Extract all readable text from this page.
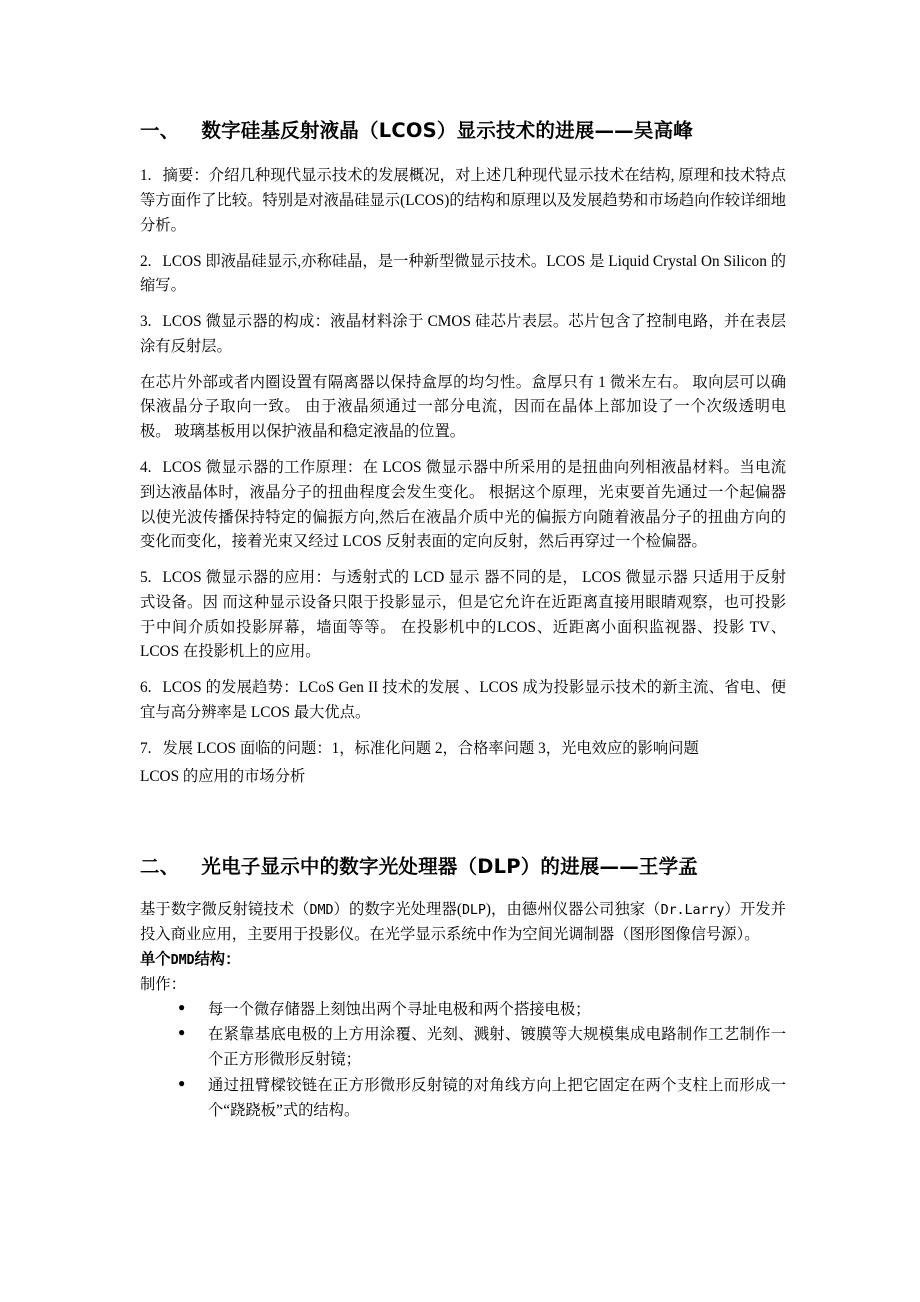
一、 数字硅基反射液晶（LCOS）显示技术的进展——吴高峰

1. 摘要：介绍几种现代显示技术的发展概况，对上述几种现代显示技术在结构, 原理和技术特点等方面作了比较。特别是对液晶硅显示(LCOS)的结构和原理以及发展趋势和市场趋向作较详细地分析。

2. LCOS 即液晶硅显示,亦称硅晶，是一种新型微显示技术。LCOS 是 Liquid Crystal On Silicon 的缩写。

3. LCOS 微显示器的构成：液晶材料涂于 CMOS 硅芯片表层。芯片包含了控制电路，并在表层涂有反射层。

在芯片外部或者内圈设置有隔离器以保持盒厚的均匀性。盒厚只有 1 微米左右。 取向层可以确保液晶分子取向一致。 由于液晶须通过一部分电流，因而在晶体上部加设了一个次级透明电极。 玻璃基板用以保护液晶和稳定液晶的位置。

4. LCOS 微显示器的工作原理：在 LCOS 微显示器中所采用的是扭曲向列相液晶材料。当电流到达液晶体时，液晶分子的扭曲程度会发生变化。 根据这个原理，光束要首先通过一个起偏器以使光波传播保持特定的偏振方向,然后在液晶介质中光的偏振方向随着液晶分子的扭曲方向的变化而变化，接着光束又经过 LCOS 反射表面的定向反射，然后再穿过一个检偏器。

5. LCOS 微显示器的应用：与透射式的 LCD 显示 器不同的是， LCOS 微显示器 只适用于反射式设备。因 而这种显示设备只限于投影显示，但是它允许在近距离直接用眼睛观察，也可投影于中间介质如投影屏幕，墙面等等。 在投影机中的LCOS、近距离小面积监视器、投影 TV、LCOS 在投影机上的应用。

6. LCOS 的发展趋势：LCoS Gen II 技术的发展 、LCOS 成为投影显示技术的新主流、省电、便宜与高分辨率是 LCOS 最大优点。

7. 发展 LCOS 面临的问题：1，标准化问题 2，合格率问题 3，光电效应的影响问题

LCOS 的应用的市场分析

二、 光电子显示中的数字光处理器（DLP）的进展——王学孟

基于数字微反射镜技术（DMD）的数字光处理器(DLP)，由德州仪器公司独家（Dr.Larry）开发并投入商业应用，主要用于投影仪。在光学显示系统中作为空间光调制器（图形图像信号源）。

单个DMD结构：

制作：

● 每一个微存储器上刻蚀出两个寻址电极和两个搭接电极；
● 在紧靠基底电极的上方用涂覆、光刻、溅射、镀膜等大规模集成电路制作工艺制作一个正方形微形反射镜；
● 通过扭臂樑铰链在正方形微形反射镜的对角线方向上把它固定在两个支柱上而形成一个“跷跷板”式的结构。
